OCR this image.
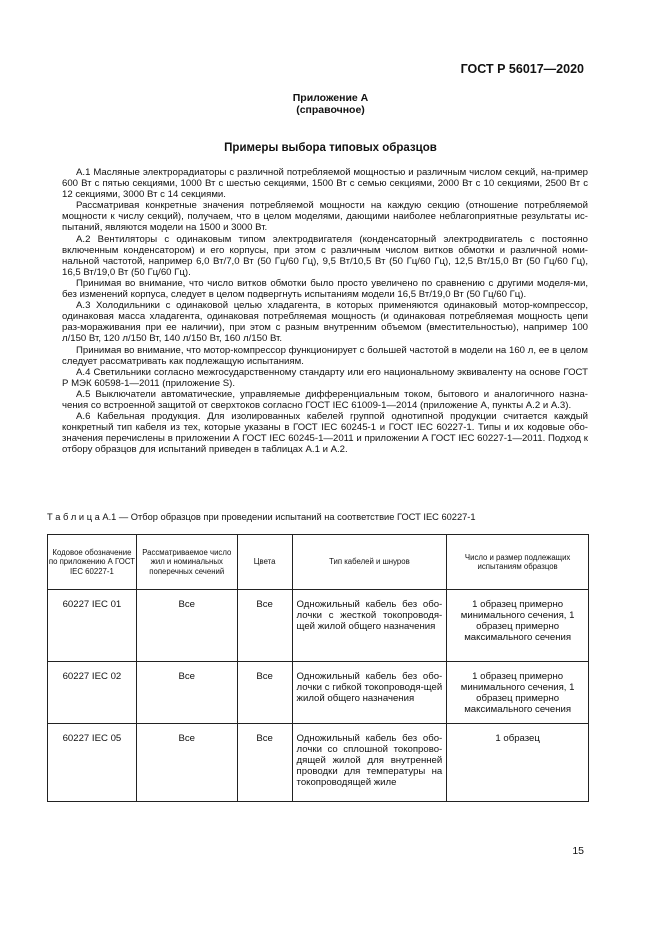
ГОСТ Р 56017—2020
Приложение А
(справочное)
Примеры выбора типовых образцов

А.1 Масляные электрорадиаторы с различной потребляемой мощностью и различным числом секций, на-пример 600 Вт с пятью секциями, 1000 Вт с шестью секциями, 1500 Вт с семью секциями, 2000 Вт с 10 секциями, 2500 Вт с 12 секциями, 3000 Вт с 14 секциями.

Рассматривая конкретные значения потребляемой мощности на каждую секцию (отношение потребляемой мощности к числу секций), получаем, что в целом моделями, дающими наиболее неблагоприятные результаты ис-пытаний, являются модели на 1500 и 3000 Вт.

А.2 Вентиляторы с одинаковым типом электродвигателя (конденсаторный электродвигатель с постоянно включенным конденсатором) и его корпусы, при этом с различным числом витков обмотки и различной номи-нальной частотой, например 6,0 Вт/7,0 Вт (50 Гц/60 Гц), 9,5 Вт/10,5 Вт (50 Гц/60 Гц), 12,5 Вт/15,0 Вт (50 Гц/60 Гц), 16,5 Вт/19,0 Вт (50 Гц/60 Гц).

Принимая во внимание, что число витков обмотки было просто увеличено по сравнению с другими моделя-ми, без изменений корпуса, следует в целом подвергнуть испытаниям модели 16,5 Вт/19,0 Вт (50 Гц/60 Гц).

А.3 Холодильники с одинаковой целью хладагента, в которых применяются одинаковый мотор-компрессор, одинаковая масса хладагента, одинаковая потребляемая мощность (и одинаковая потребляемая мощность цепи раз-мораживания при ее наличии), при этом с разным внутренним объемом (вместительностью), например 100 л/150 Вт, 120 л/150 Вт, 140 л/150 Вт, 160 л/150 Вт.

Принимая во внимание, что мотор-компрессор функционирует с большей частотой в модели на 160 л, ее в целом следует рассматривать как подлежащую испытаниям.

А.4 Светильники согласно межгосударственному стандарту или его национальному эквиваленту на основе ГОСТ Р МЭК 60598-1—2011 (приложение S).

А.5 Выключатели автоматические, управляемые дифференциальным током, бытового и аналогичного назна-чения со встроенной защитой от сверхтоков согласно ГОСТ IEC 61009-1—2014 (приложение А, пункты А.2 и А.3).

А.6 Кабельная продукция. Для изолированных кабелей группой однотипной продукции считается каждый конкретный тип кабеля из тех, которые указаны в ГОСТ IEC 60245-1 и ГОСТ IEC 60227-1. Типы и их кодовые обо-значения перечислены в приложении А ГОСТ IEC 60245-1—2011 и приложении А ГОСТ IEC 60227-1—2011. Подход к отбору образцов для испытаний приведен в таблицах А.1 и А.2.

Т а б л и ц а А.1 — Отбор образцов при проведении испытаний на соответствие ГОСТ IEC 60227-1
Кодовое обозначение по приложению А ГОСТ IEC 60227-1	Рассматриваемое число жил и номинальных поперечных сечений	Цвета	Тип кабелей и шнуров	Число и размер подлежащих испытаниям образцов
60227 IEC 01	Все	Все	Одножильный кабель без обо-лочки с жесткой токопроводя-щей жилой общего назначения	1 образец примерно минимального сечения, 1 образец примерно максимального сечения
60227 IEC 02	Все	Все	Одножильный кабель без обо-лочки с гибкой токопроводя-щей жилой общего назначения	1 образец примерно минимального сечения, 1 образец примерно максимального сечения
60227 IEC 05	Все	Все	Одножильный кабель без обо-лочки со сплошной токопрово-дящей жилой для внутренней проводки для температуры на токопроводящей жиле	1 образец
15
